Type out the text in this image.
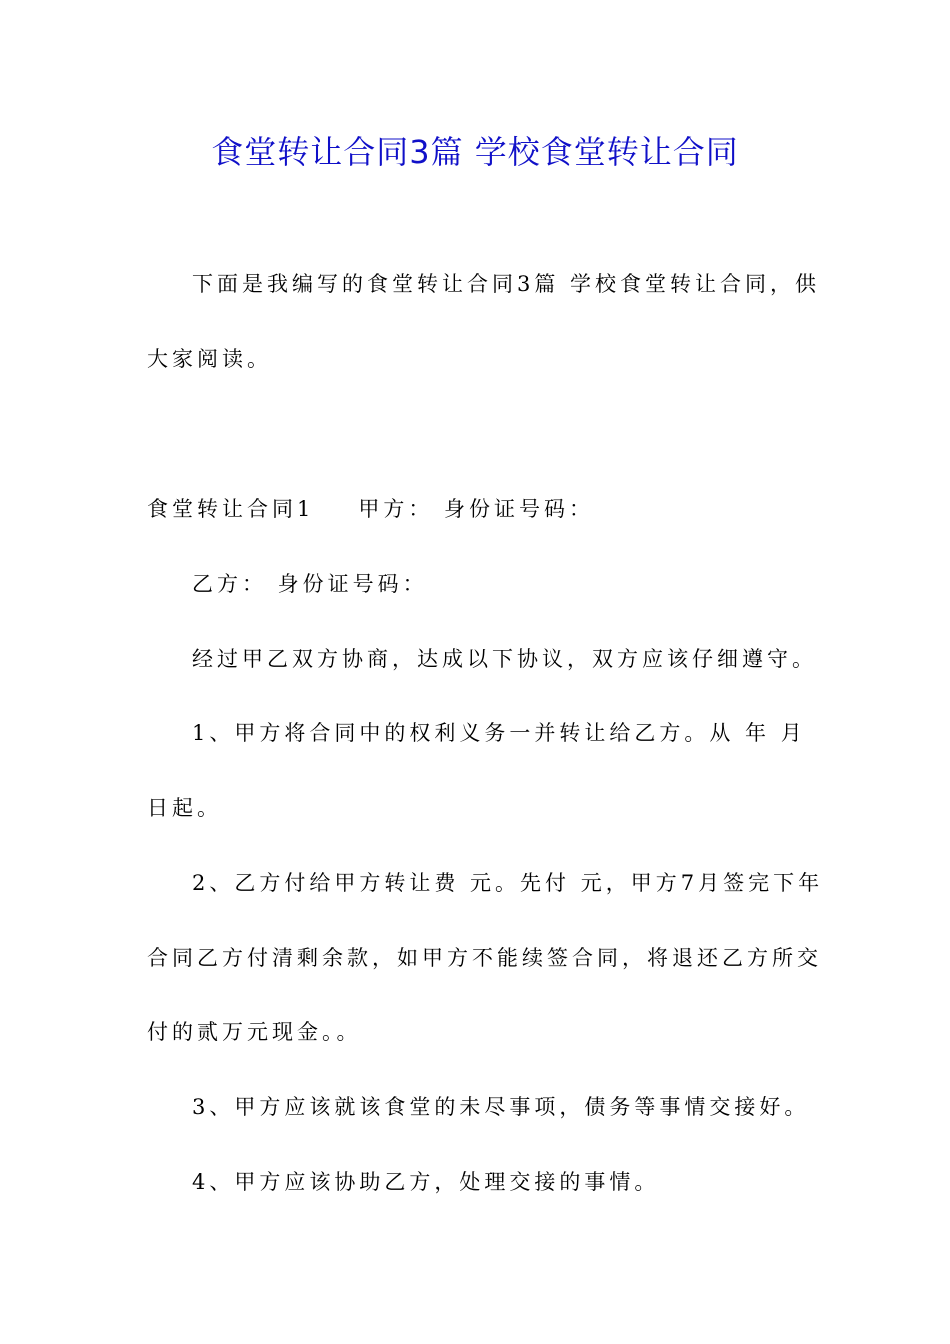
食堂转让合同3篇 学校食堂转让合同
下面是我编写的食堂转让合同3篇 学校食堂转让合同，供
大家阅读。
食堂转让合同1 甲方： 身份证号码：
乙方： 身份证号码：
经过甲乙双方协商，达成以下协议，双方应该仔细遵守。
1、甲方将合同中的权利义务一并转让给乙方。从 年 月
日起。
2、乙方付给甲方转让费 元。先付 元，甲方7月签完下年
合同乙方付清剩余款，如甲方不能续签合同，将退还乙方所交
付的贰万元现金。。
3、甲方应该就该食堂的未尽事项，债务等事情交接好。
4、甲方应该协助乙方，处理交接的事情。
